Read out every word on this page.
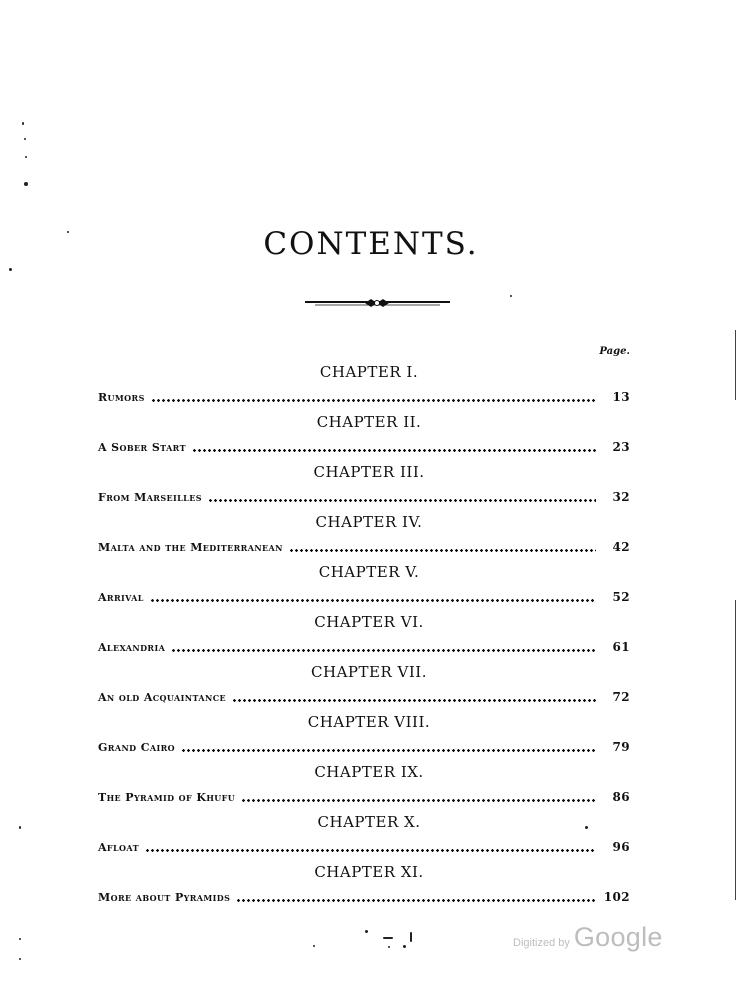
CONTENTS.
Page.
CHAPTER I.
Rumors	13
CHAPTER II.
A Sober Start	23
CHAPTER III.
From Marseilles	32
CHAPTER IV.
Malta and the Mediterranean	42
CHAPTER V.
Arrival	52
CHAPTER VI.
Alexandria	61
CHAPTER VII.
An old Acquaintance	72
CHAPTER VIII.
Grand Cairo	79
CHAPTER IX.
The Pyramid of Khufu	86
CHAPTER X.
Afloat	96
CHAPTER XI.
More about Pyramids	102
Digitized by Google
